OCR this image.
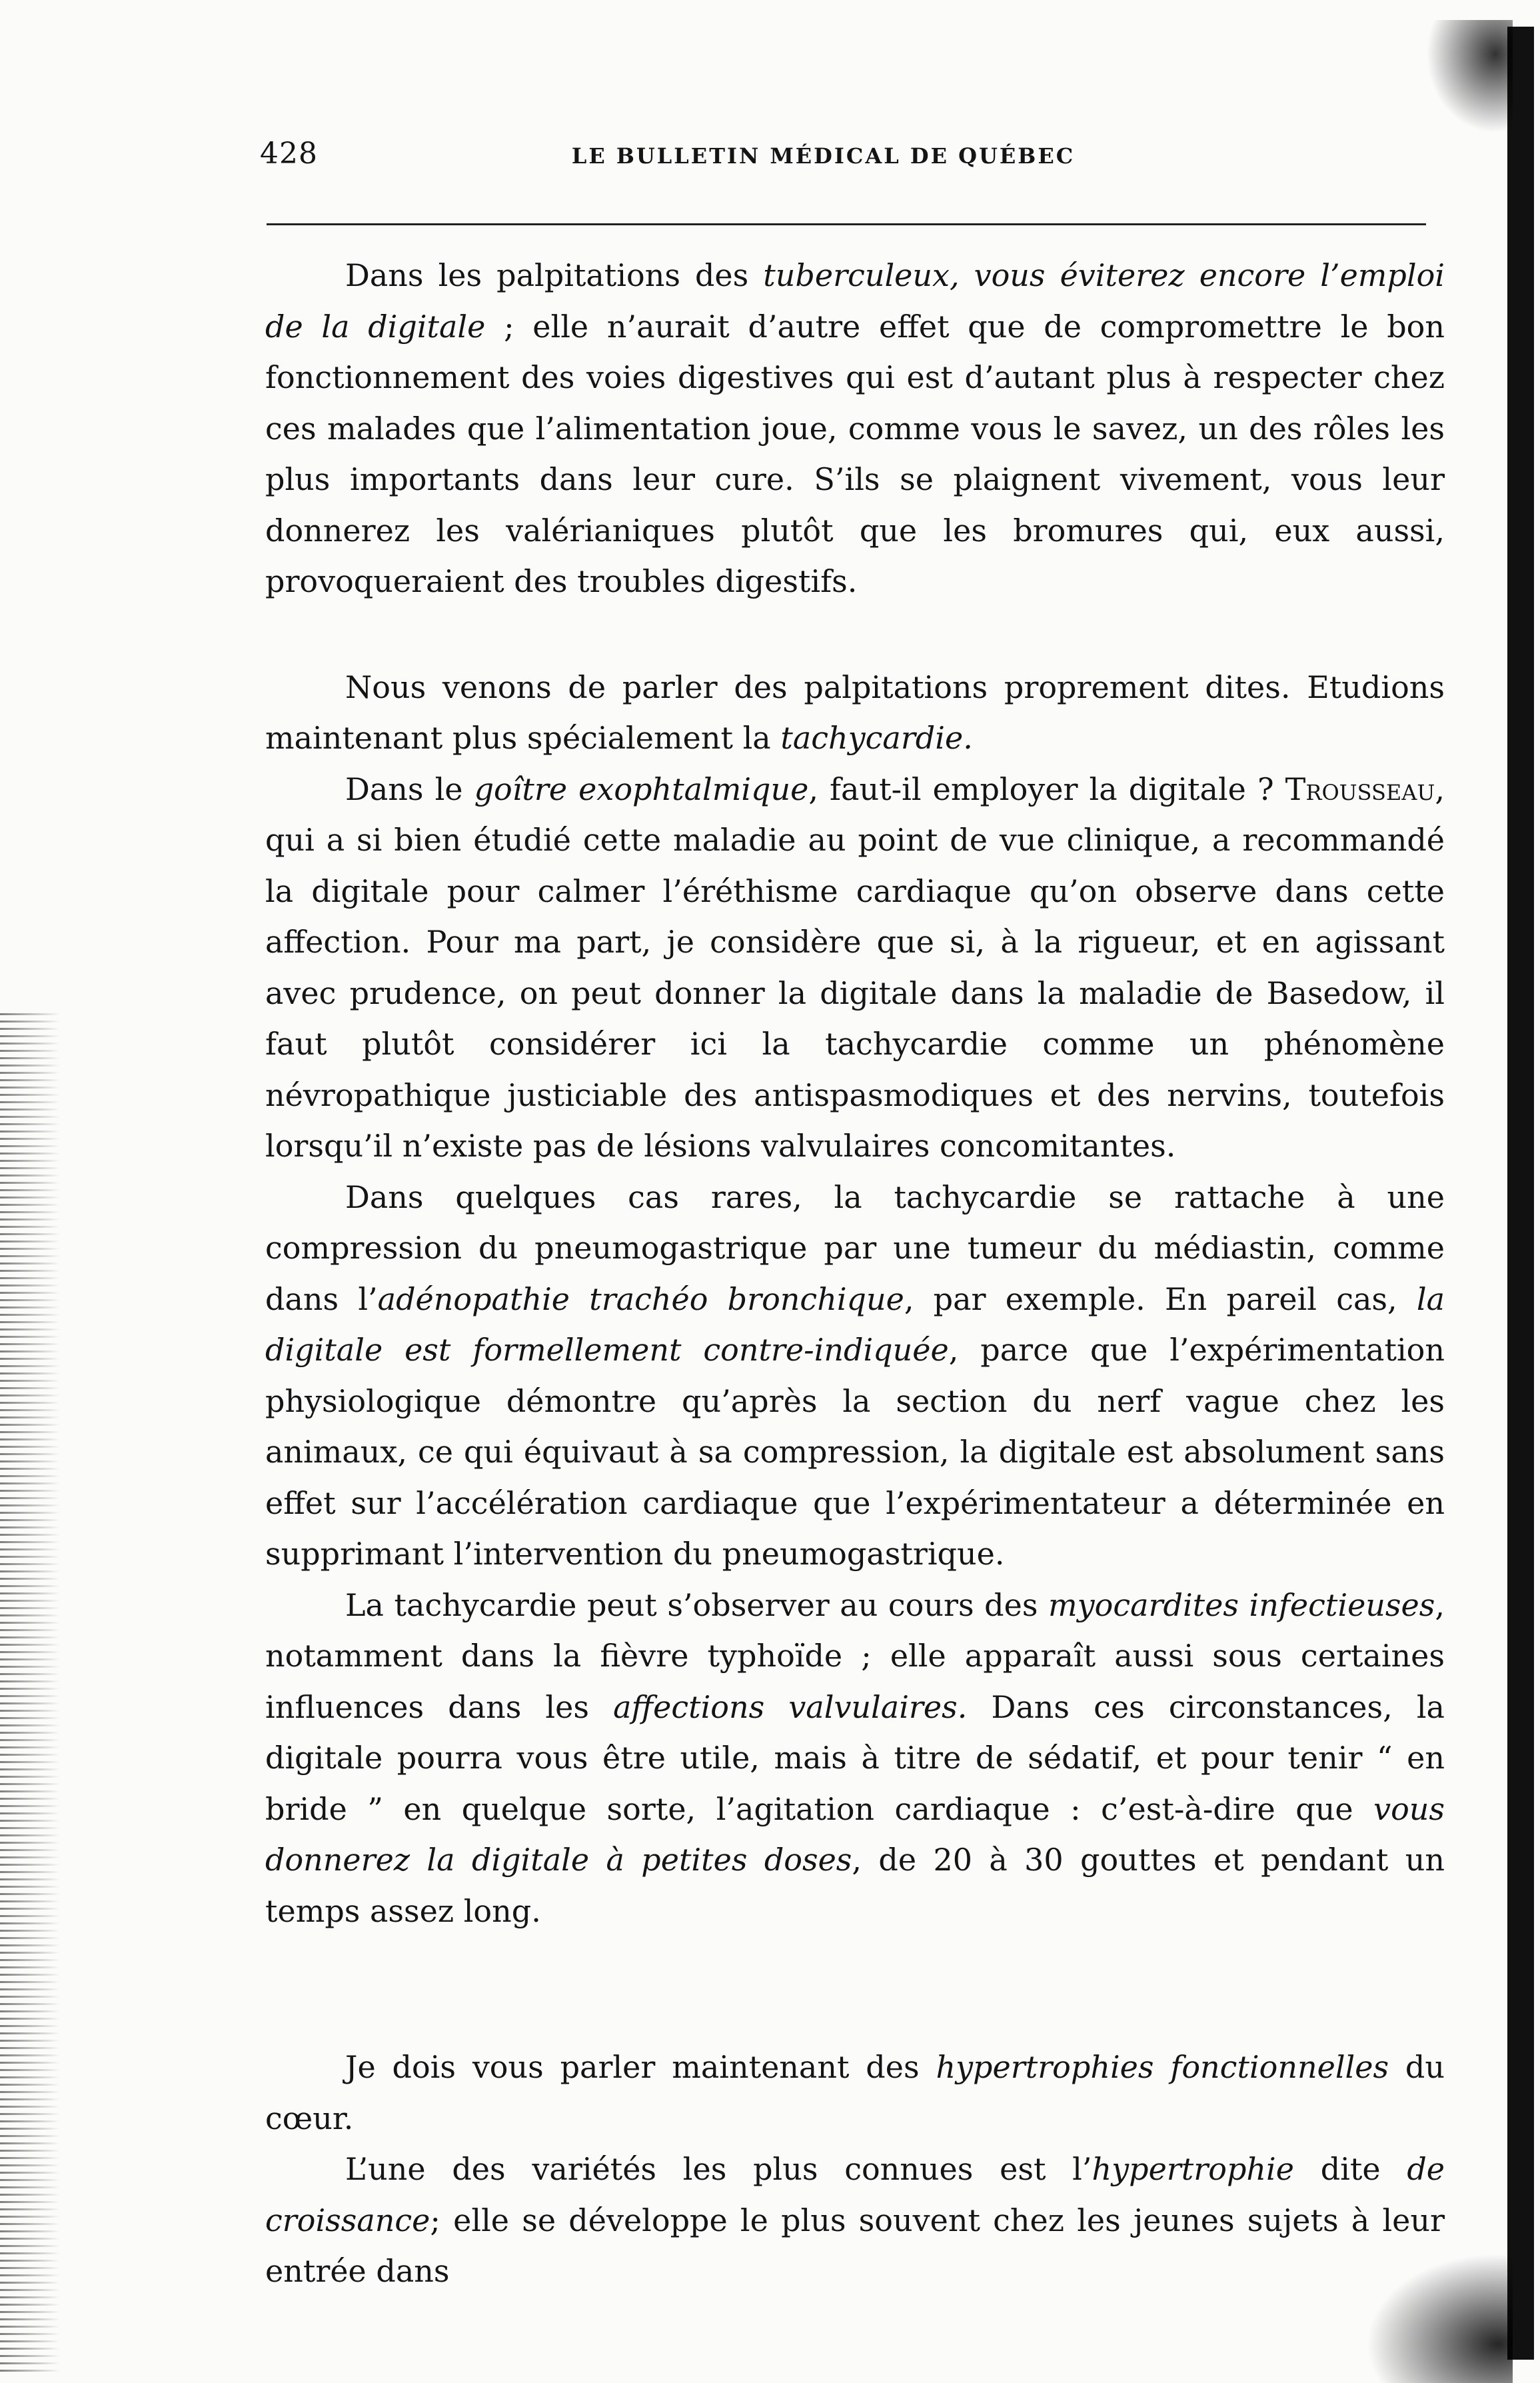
428	LE BULLETIN MÉDICAL DE QUÉBEC

Dans les palpitations des tuberculeux, vous éviterez encore l’emploi de la digitale ; elle n’aurait d’autre effet que de compromettre le bon fonctionnement des voies digestives qui est d’autant plus à respecter chez ces malades que l’alimentation joue, comme vous le savez, un des rôles les plus importants dans leur cure. S’ils se plaignent vivement, vous leur donnerez les valérianiques plutôt que les bromures qui, eux aussi, provoqueraient des troubles digestifs.

Nous venons de parler des palpitations proprement dites. Etudions maintenant plus spécialement la tachycardie.

Dans le goître exophtalmique, faut-il employer la digitale ? Trousseau, qui a si bien étudié cette maladie au point de vue clinique, a recommandé la digitale pour calmer l’éréthisme cardiaque qu’on observe dans cette affection. Pour ma part, je considère que si, à la rigueur, et en agissant avec prudence, on peut donner la digitale dans la maladie de Basedow, il faut plutôt considérer ici la tachycardie comme un phénomène névropathique justiciable des antispasmodiques et des nervins, toutefois lorsqu’il n’existe pas de lésions valvulaires concomitantes.

Dans quelques cas rares, la tachycardie se rattache à une compression du pneumogastrique par une tumeur du médiastin, comme dans l’adénopathie trachéo bronchique, par exemple. En pareil cas, la digitale est formellement contre-indiquée, parce que l’expérimentation physiologique démontre qu’après la section du nerf vague chez les animaux, ce qui équivaut à sa compression, la digitale est absolument sans effet sur l’accélération cardiaque que l’expérimentateur a déterminée en supprimant l’intervention du pneumogastrique.

La tachycardie peut s’observer au cours des myocardites infectieuses, notamment dans la fièvre typhoïde ; elle apparaît aussi sous certaines influences dans les affections valvulaires. Dans ces circonstances, la digitale pourra vous être utile, mais à titre de sédatif, et pour tenir “ en bride ” en quelque sorte, l’agitation cardiaque : c’est-à-dire que vous donnerez la digitale à petites doses, de 20 à 30 gouttes et pendant un temps assez long.

Je dois vous parler maintenant des hypertrophies fonctionnelles du cœur.

L’une des variétés les plus connues est l’hypertrophie dite de croissance; elle se développe le plus souvent chez les jeunes sujets à leur entrée dans
